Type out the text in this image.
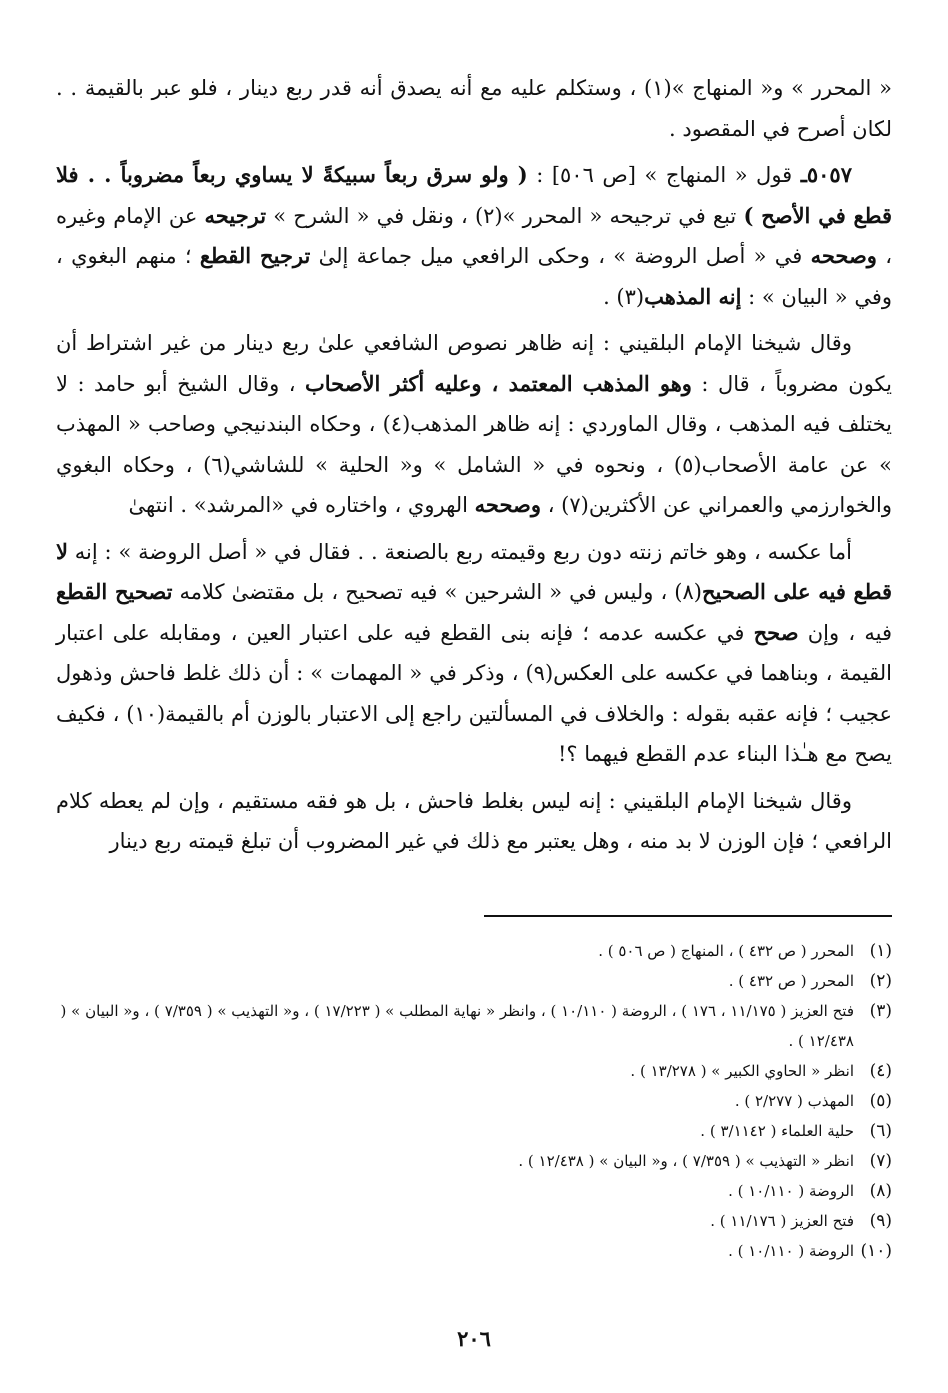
« المحرر » و« المنهاج »(١) ، وستكلم عليه مع أنه يصدق أنه قدر ربع دينار ، فلو عبر بالقيمة . . لكان أصرح في المقصود .

٥٠٥٧ـ قول « المنهاج » [ص ٥٠٦] : ( ولو سرق ربعاً سبيكةً لا يساوي ربعاً مضروباً . . فلا قطع في الأصح ) تبع في ترجيحه « المحرر »(٢) ، ونقل في « الشرح » ترجيحه عن الإمام وغيره ، وصححه في « أصل الروضة » ، وحكى الرافعي ميل جماعة إلىٰ ترجيح القطع ؛ منهم البغوي ، وفي « البيان » : إنه المذهب(٣) .

وقال شيخنا الإمام البلقيني : إنه ظاهر نصوص الشافعي علىٰ ربع دينار من غير اشتراط أن يكون مضروباً ، قال : وهو المذهب المعتمد ، وعليه أكثر الأصحاب ، وقال الشيخ أبو حامد : لا يختلف فيه المذهب ، وقال الماوردي : إنه ظاهر المذهب(٤) ، وحكاه البندنيجي وصاحب « المهذب » عن عامة الأصحاب(٥) ، ونحوه في « الشامل » و« الحلية » للشاشي(٦) ، وحكاه البغوي والخوارزمي والعمراني عن الأكثرين(٧) ، وصححه الهروي ، واختاره في «المرشد» . انتهىٰ

أما عكسه ، وهو خاتم زنته دون ربع وقيمته ربع بالصنعة . . فقال في « أصل الروضة » : إنه لا قطع فيه على الصحيح(٨) ، وليس في « الشرحين » فيه تصحيح ، بل مقتضىٰ كلامه تصحيح القطع فيه ، وإن صحح في عكسه عدمه ؛ فإنه بنى القطع فيه على اعتبار العين ، ومقابله على اعتبار القيمة ، وبناهما في عكسه على العكس(٩) ، وذكر في « المهمات » : أن ذلك غلط فاحش وذهول عجيب ؛ فإنه عقبه بقوله : والخلاف في المسألتين راجع إلى الاعتبار بالوزن أم بالقيمة(١٠) ، فكيف يصح مع هـٰذا البناء عدم القطع فيهما ؟!

وقال شيخنا الإمام البلقيني : إنه ليس بغلط فاحش ، بل هو فقه مستقيم ، وإن لم يعطه كلام الرافعي ؛ فإن الوزن لا بد منه ، وهل يعتبر مع ذلك في غير المضروب أن تبلغ قيمته ربع دينار

(١)
المحرر ( ص ٤٣٢ ) ، المنهاج ( ص ٥٠٦ ) .
(٢)
المحرر ( ص ٤٣٢ ) .
(٣)
فتح العزيز ( ١١/١٧٥ ، ١٧٦ ) ، الروضة ( ١٠/١١٠ ) ، وانظر « نهاية المطلب » ( ١٧/٢٢٣ ) ، و« التهذيب » ( ٧/٣٥٩ ) ، و« البيان » ( ١٢/٤٣٨ ) .
(٤)
انظر « الحاوي الكبير » ( ١٣/٢٧٨ ) .
(٥)
المهذب ( ٢/٢٧٧ ) .
(٦)
حلية العلماء ( ٣/١١٤٢ ) .
(٧)
انظر « التهذيب » ( ٧/٣٥٩ ) ، و« البيان » ( ١٢/٤٣٨ ) .
(٨)
الروضة ( ١٠/١١٠ ) .
(٩)
فتح العزيز ( ١١/١٧٦ ) .
(١٠)
الروضة ( ١٠/١١٠ ) .
٢٠٦
